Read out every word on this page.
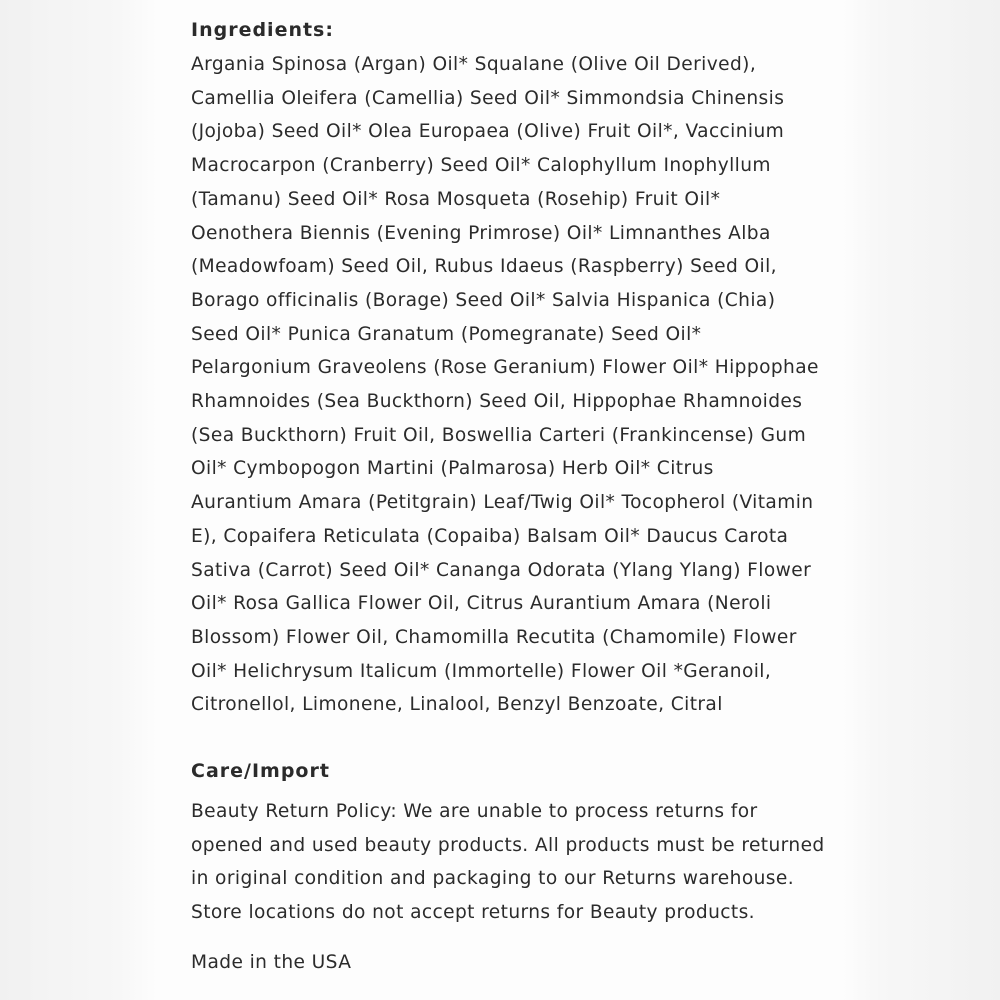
Ingredients:
Argania Spinosa (Argan) Oil* Squalane (Olive Oil Derived),
Camellia Oleifera (Camellia) Seed Oil* Simmondsia Chinensis
(Jojoba) Seed Oil* Olea Europaea (Olive) Fruit Oil*, Vaccinium
Macrocarpon (Cranberry) Seed Oil* Calophyllum Inophyllum
(Tamanu) Seed Oil* Rosa Mosqueta (Rosehip) Fruit Oil*
Oenothera Biennis (Evening Primrose) Oil* Limnanthes Alba
(Meadowfoam) Seed Oil, Rubus Idaeus (Raspberry) Seed Oil,
Borago officinalis (Borage) Seed Oil* Salvia Hispanica (Chia)
Seed Oil* Punica Granatum (Pomegranate) Seed Oil*
Pelargonium Graveolens (Rose Geranium) Flower Oil* Hippophae
Rhamnoides (Sea Buckthorn) Seed Oil, Hippophae Rhamnoides
(Sea Buckthorn) Fruit Oil, Boswellia Carteri (Frankincense) Gum
Oil* Cymbopogon Martini (Palmarosa) Herb Oil* Citrus
Aurantium Amara (Petitgrain) Leaf/Twig Oil* Tocopherol (Vitamin
E), Copaifera Reticulata (Copaiba) Balsam Oil* Daucus Carota
Sativa (Carrot) Seed Oil* Cananga Odorata (Ylang Ylang) Flower
Oil* Rosa Gallica Flower Oil, Citrus Aurantium Amara (Neroli
Blossom) Flower Oil, Chamomilla Recutita (Chamomile) Flower
Oil* Helichrysum Italicum (Immortelle) Flower Oil *Geranoil,
Citronellol, Limonene, Linalool, Benzyl Benzoate, Citral
Care/Import
Beauty Return Policy: We are unable to process returns for
opened and used beauty products. All products must be returned
in original condition and packaging to our Returns warehouse.
Store locations do not accept returns for Beauty products.
Made in the USA
